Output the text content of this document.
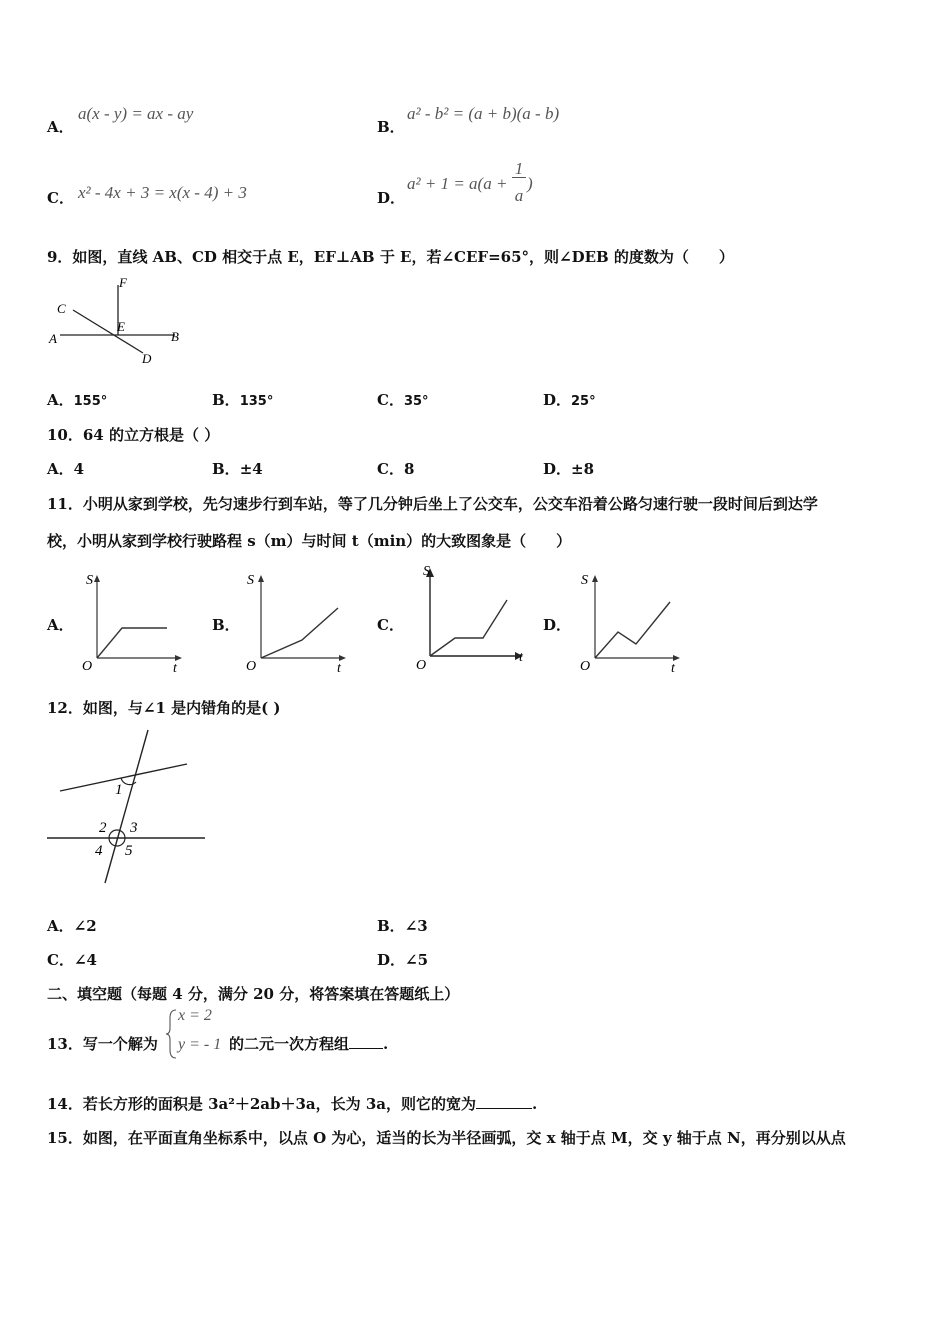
A．
a(x - y) = ax - ay
B．
a² - b² = (a + b)(a - b)
C． x² - 4x + 3 = x(x - 4) + 3	D．
a² + 1 = a(a +
1
a
)
9．如图，直线 AB、CD 相交于点 E，EF⊥AB 于 E，若∠CEF=65°，则∠DEB 的度数为（　　）
C
F
E
A	B
D
A．155°	B．135°	C．35°	D．25°
10．64 的立方根是（ ）
A．4	B．±4	C．8	D．±8
11．小明从家到学校，先匀速步行到车站，等了几分钟后坐上了公交车，公交车沿着公路匀速行驶一段时间后到达学
校，小明从家到学校行驶路程 s（m）与时间 t（min）的大致图象是（　　）
A．
S
O	t
B．
S
O	t
C．
S
O
t
D．
S
O	t
12．如图，与∠1 是内错角的是( )
1
2 3
4 5
A．∠2	B．∠3
C．∠4	D．∠5
二、填空题（每题 4 分，满分 20 分，将答案填在答题纸上）
13．写一个解为
x = 2
y = - 1 的二元一次方程组 .
14．若长方形的面积是 3a²＋2ab＋3a，长为 3a，则它的宽为	.
15．如图，在平面直角坐标系中，以点 O 为心，适当的长为半径画弧，交 x 轴于点 M，交 y 轴于点 N，再分别以从点
